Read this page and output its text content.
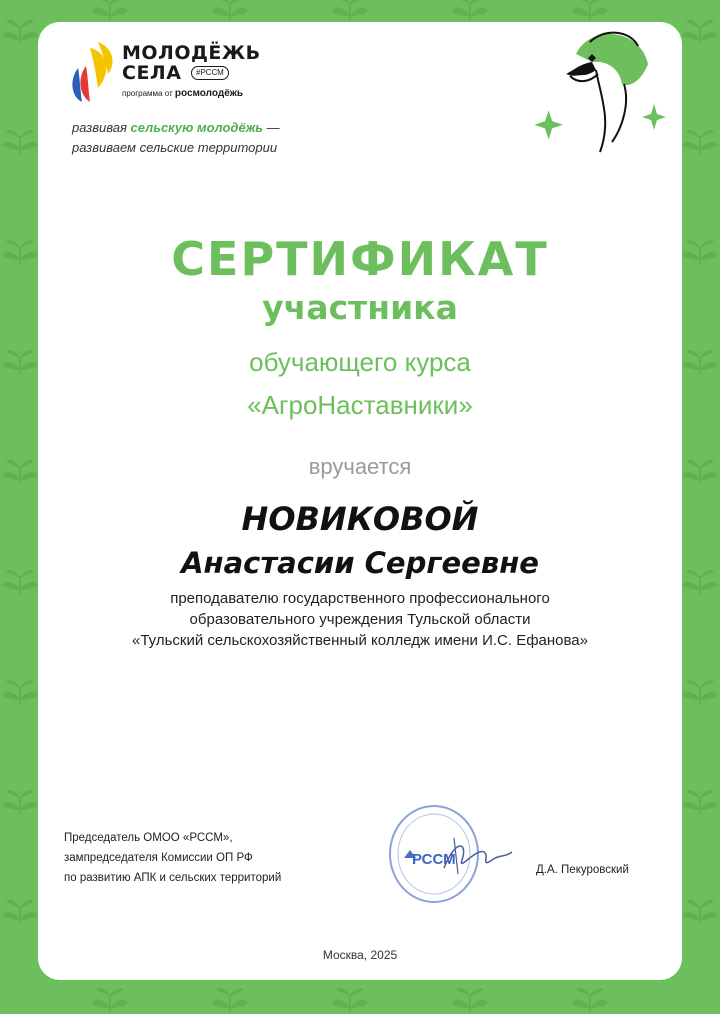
МОЛОДЁЖЬ
СЕЛА	#РССМ
программа от росмолодёжь
развивая сельскую молодёжь —
развиваем сельские территории
СЕРТИФИКАТ
участника
обучающего курса
«АгроНаставники»
вручается
НОВИКОВОЙ
Анастасии Сергеевне
преподавателю государственного профессионального
образовательного учреждения Тульской области
«Тульский сельскохозяйственный колледж имени И.С. Ефанова»
Председатель ОМОО «РССМ»,
зампредседателя Комиссии ОП РФ
по развитию АПК и сельских территорий
РССМ
Д.А. Пекуровский
Москва, 2025
